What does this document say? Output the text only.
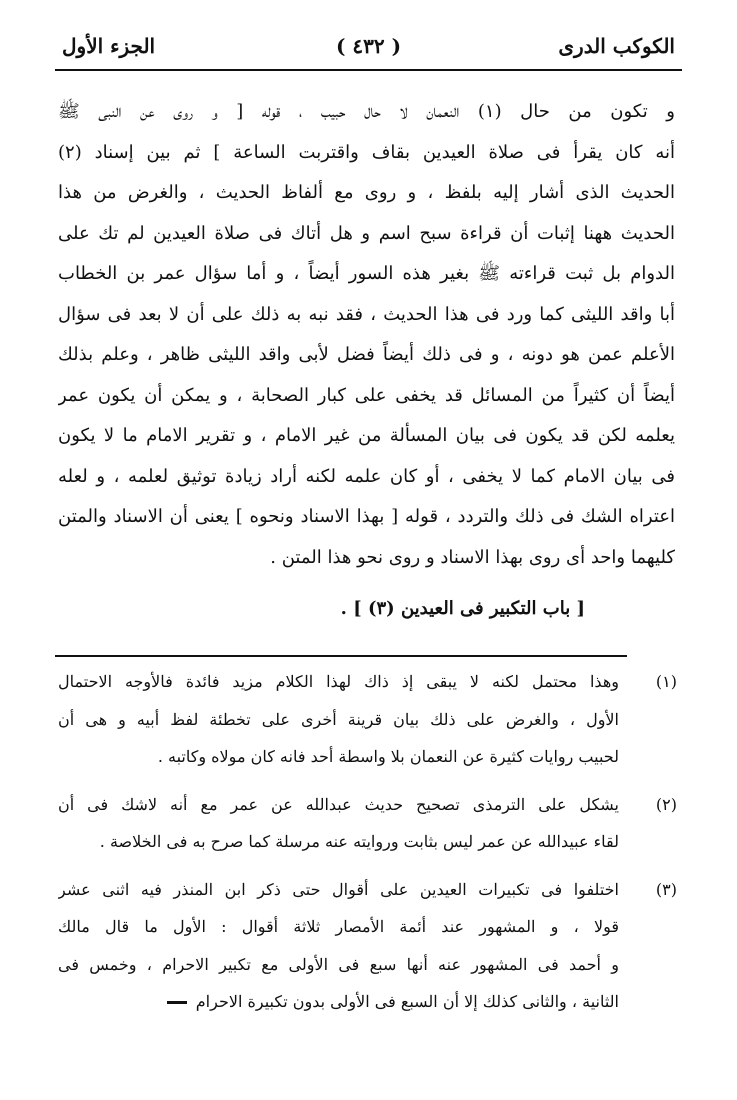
الكوكب الدرى
( ٤٣٢ )
الجزء الأول
و تكون من حال (١) النعمان لا حال حبيب ، قوله [ و روى عن النبى ﷺ
أنه كان يقرأ فى صلاة العيدين بقاف واقتربت الساعة ] ثم بين إسناد (٢)
الحديث الذى أشار إليه بلفظ ، و روى مع ألفاظ الحديث ، والغرض من هذا
الحديث ههنا إثبات أن قراءة سبح اسم و هل أتاك فى صلاة العيدين لم تك على
الدوام بل ثبت قراءته ﷺ بغير هذه السور أيضاً ، و أما سؤال عمر بن الخطاب
أبا واقد الليثى كما ورد فى هذا الحديث ، فقد نبه به ذلك على أن لا بعد فى سؤال
الأعلم عمن هو دونه ، و فى ذلك أيضاً فضل لأبى واقد الليثى ظاهر ، وعلم بذلك
أيضاً أن كثيراً من المسائل قد يخفى على كبار الصحابة ، و يمكن أن يكون عمر
يعلمه لكن قد يكون فى بيان المسألة من غير الامام ، و تقرير الامام ما لا يكون
فى بيان الامام كما لا يخفى ، أو كان علمه لكنه أراد زيادة توثيق لعلمه ، و لعله
اعتراه الشك فى ذلك والتردد ، قوله [ بهذا الاسناد ونحوه ] يعنى أن الاسناد والمتن
كليهما واحد أى روى بهذا الاسناد و روى نحو هذا المتن .
[ باب التكبير فى العيدين (٣) ] .
(١)
وهذا محتمل لكنه لا يبقى إذ ذاك لهذا الكلام مزيد فائدة فالأوجه الاحتمال
الأول ، والغرض على ذلك بيان قرينة أخرى على تخطئة لفظ أبيه و هى أن
لحبيب روايات كثيرة عن النعمان بلا واسطة أحد فانه كان مولاه وكاتبه .
(٢)
يشكل على الترمذى تصحيح حديث عبدالله عن عمر مع أنه لاشك فى أن
لقاء عبيدالله عن عمر ليس بثابت وروايته عنه مرسلة كما صرح به فى الخلاصة .
(٣)
اختلفوا فى تكبيرات العيدين على أقوال حتى ذكر ابن المنذر فيه اثنى عشر
قولا ، و المشهور عند أئمة الأمصار ثلاثة أقوال : الأول ما قال مالك
و أحمد فى المشهور عنه أنها سبع فى الأولى مع تكبير الاحرام ، وخمس فى
الثانية ، والثانى كذلك إلا أن السبع فى الأولى بدون تكبيرة الاحرام
